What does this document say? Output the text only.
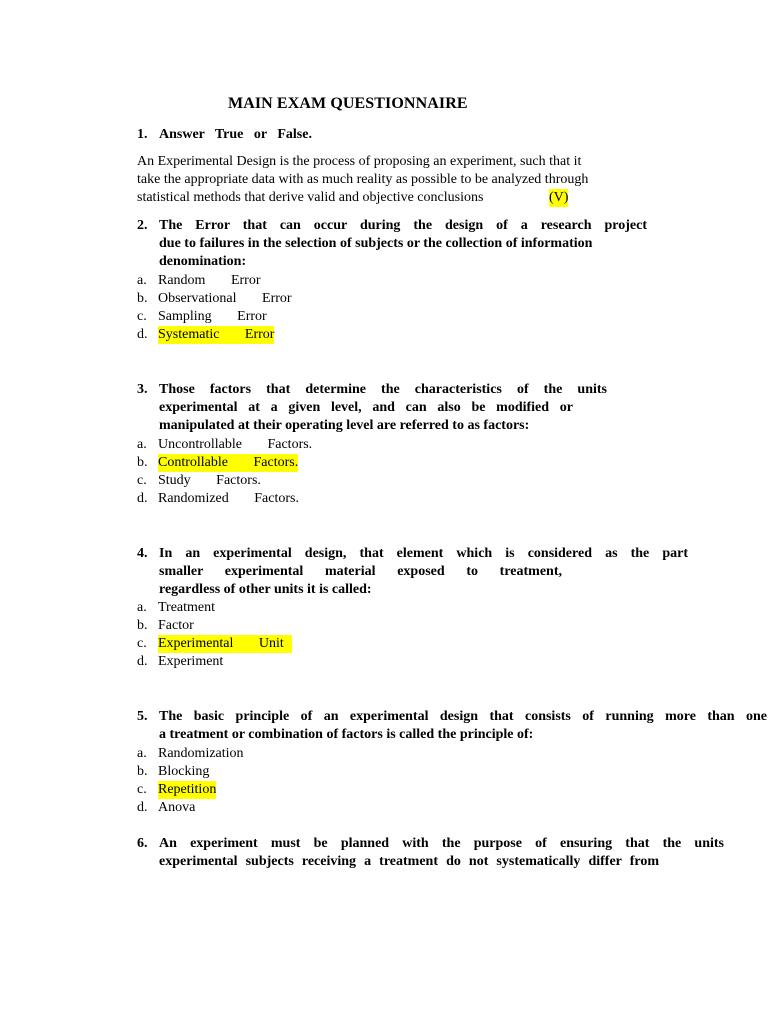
MAIN EXAM QUESTIONNAIRE
1. Answer   True   or   False.
An Experimental Design is the process of proposing an experiment, such that it
take the appropriate data with as much reality as possible to be analyzed through
statistical methods that derive valid and objective conclusions	(V)
2. The Error that can occur during the design of a research project
due to failures in the selection of subjects or the collection of information
denomination:
a. Random   Error
b. Observational   Error
c. Sampling   Error
d. Systematic   Error
3. Those factors that determine the characteristics of the units
experimental at a given level, and can also be modified or
manipulated at their operating level are referred to as factors:
a. Uncontrollable   Factors.
b. Controllable   Factors.
c. Study   Factors.
d. Randomized   Factors.
4. In an experimental design, that element which is considered as the part
smaller experimental material exposed to treatment,
regardless of other units it is called:
a. Treatment
b. Factor
c. Experimental   Unit
d. Experiment
5. The basic principle of an experimental design that consists of running more than one
a treatment or combination of factors is called the principle of:
a. Randomization
b. Blocking
c. Repetition
d. Anova
6. An experiment must be planned with the purpose of ensuring that the units
experimental subjects receiving a treatment do not systematically differ from
